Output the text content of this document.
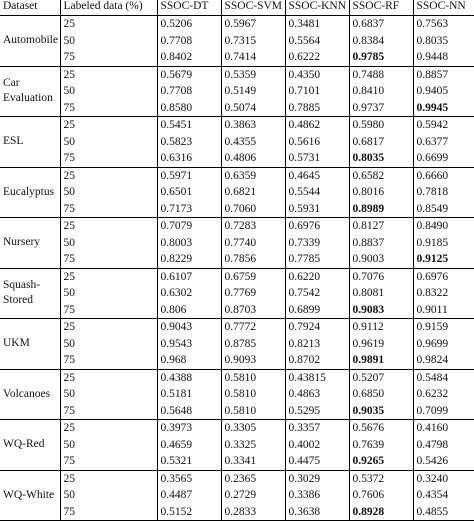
Dataset	Labeled data (%)	SSOC-DT	SSOC-SVM	SSOC-KNN	SSOC-RF	SSOC-NN
Automobile	25	0.5206	0.5967	0.3481	0.6837	0.7563
	50	0.7708	0.7315	0.5564	0.8384	0.8035
	75	0.8402	0.7414	0.6222	0.9785	0.9448
Car
Evaluation	25	0.5679	0.5359	0.4350	0.7488	0.8857
	50	0.7708	0.5149	0.7101	0.8410	0.9405
	75	0.8580	0.5074	0.7885	0.9737	0.9945
ESL	25	0.5451	0.3863	0.4862	0.5980	0.5942
	50	0.5823	0.4355	0.5616	0.6817	0.6377
	75	0.6316	0.4806	0.5731	0.8035	0.6699
Eucalyptus	25	0.5971	0.6359	0.4645	0.6582	0.6660
	50	0.6501	0.6821	0.5544	0.8016	0.7818
	75	0.7173	0.7060	0.5931	0.8989	0.8549
Nursery	25	0.7079	0.7283	0.6976	0.8127	0.8490
	50	0.8003	0.7740	0.7339	0.8837	0.9185
	75	0.8229	0.7856	0.7785	0.9003	0.9125
Squash-
Stored	25	0.6107	0.6759	0.6220	0.7076	0.6976
	50	0.6302	0.7769	0.7542	0.8081	0.8322
	75	0.806	0.8703	0.6899	0.9083	0.9011
UKM	25	0.9043	0.7772	0.7924	0.9112	0.9159
	50	0.9543	0.8785	0.8213	0.9619	0.9699
	75	0.968	0.9093	0.8702	0.9891	0.9824
Volcanoes	25	0.4388	0.5810	0.43815	0.5207	0.5484
	50	0.5181	0.5810	0.4863	0.6850	0.6232
	75	0.5648	0.5810	0.5295	0.9035	0.7099
WQ-Red	25	0.3973	0.3305	0.3357	0.5676	0.4160
	50	0.4659	0.3325	0.4002	0.7639	0.4798
	75	0.5321	0.3341	0.4475	0.9265	0.5426
WQ-White	25	0.3565	0.2365	0.3029	0.5372	0.3240
	50	0.4487	0.2729	0.3386	0.7606	0.4354
	75	0.5152	0.2833	0.3638	0.8928	0.4855
